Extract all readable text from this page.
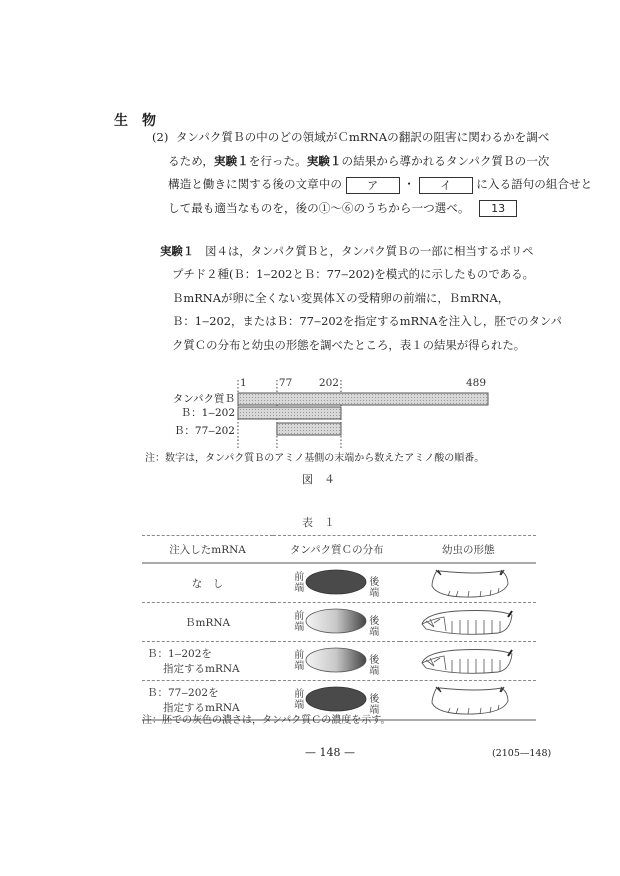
生物
(2) タンパク質Ｂの中のどの領域がＣmRNAの翻訳の阻害に関わるかを調べ
るため，実験１を行った。実験１の結果から導かれるタンパク質Ｂの一次
構造と働きに関する後の文章中の ア ・ イ に入る語句の組合せと
して最も適当なものを，後の①～⑥のうちから一つ選べ。 13
実験１ 図４は，タンパク質Ｂと，タンパク質Ｂの一部に相当するポリペ
プチド２種(Ｂ：1‒202とＢ：77‒202)を模式的に示したものである。
ＢmRNAが卵に全くない変異体Ｘの受精卵の前端に，ＢmRNA，
Ｂ：1‒202，またはＢ：77‒202を指定するmRNAを注入し，胚でのタンパ
ク質Ｃの分布と幼虫の形態を調べたところ，表１の結果が得られた。
1	77	202	489
タンパク質Ｂ
Ｂ：1‒202
Ｂ：77‒202
注：数字は，タンパク質Ｂのアミノ基側の末端から数えたアミノ酸の順番。
図　４
表　１
注入したmRNA	タンパク質Ｃの分布	幼虫の形態
な　し	前端後端	
ＢmRNA	前端後端	

Ｂ：1‒202を
指定するmRNA	前端後端	

Ｂ：77‒202を
指定するmRNA	前端後端	
注：胚での灰色の濃さは，タンパク質Ｃの濃度を示す。
— 148 —	(2105—148)
